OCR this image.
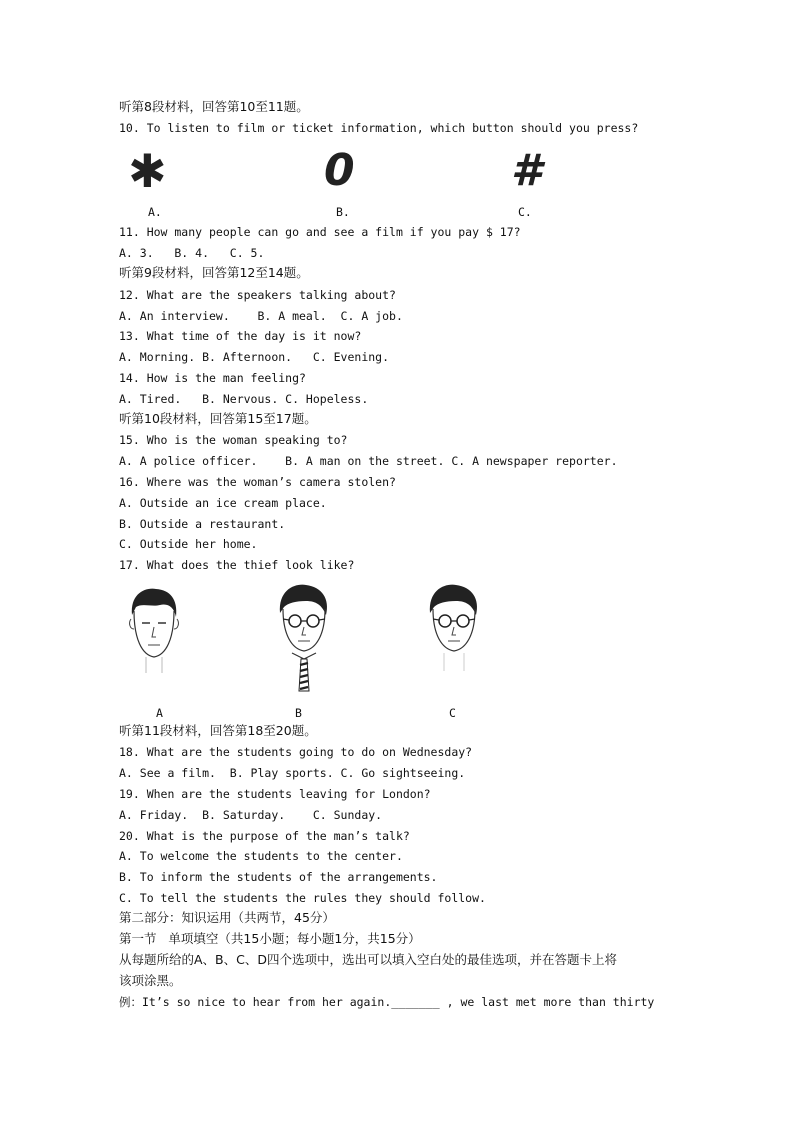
听第8段材料，回答第10至11题。
10. To listen to film or ticket information, which button should you press?
✱	0	#
A.	B.	C.
11. How many people can go and see a film if you pay $ 17?
A. 3.   B. 4.   C. 5.
听第9段材料，回答第12至14题。
12. What are the speakers talking about?
A. An interview.    B. A meal.  C. A job.
13. What time of the day is it now?
A. Morning. B. Afternoon.   C. Evening.
14. How is the man feeling?
A. Tired.   B. Nervous. C. Hopeless.
听第10段材料，回答第15至17题。
15. Who is the woman speaking to?
A. A police officer.    B. A man on the street. C. A newspaper reporter.
16. Where was the woman’s camera stolen?
A. Outside an ice cream place.
B. Outside a restaurant.
C. Outside her home.
17. What does the thief look like?
A	B	C
听第11段材料，回答第18至20题。
18. What are the students going to do on Wednesday?
A. See a film.  B. Play sports. C. Go sightseeing.
19. When are the students leaving for London?
A. Friday.  B. Saturday.    C. Sunday.
20. What is the purpose of the man’s talk?
A. To welcome the students to the center.
B. To inform the students of the arrangements.
C. To tell the students the rules they should follow.
第二部分：知识运用（共两节，45分）
第一节   单项填空（共15小题；每小题1分，共15分）
从每题所给的A、B、C、D四个选项中，选出可以填入空白处的最佳选项，并在答题卡上将
该项涂黑。
例：It’s so nice to hear from her again._______ , we last met more than thirty
